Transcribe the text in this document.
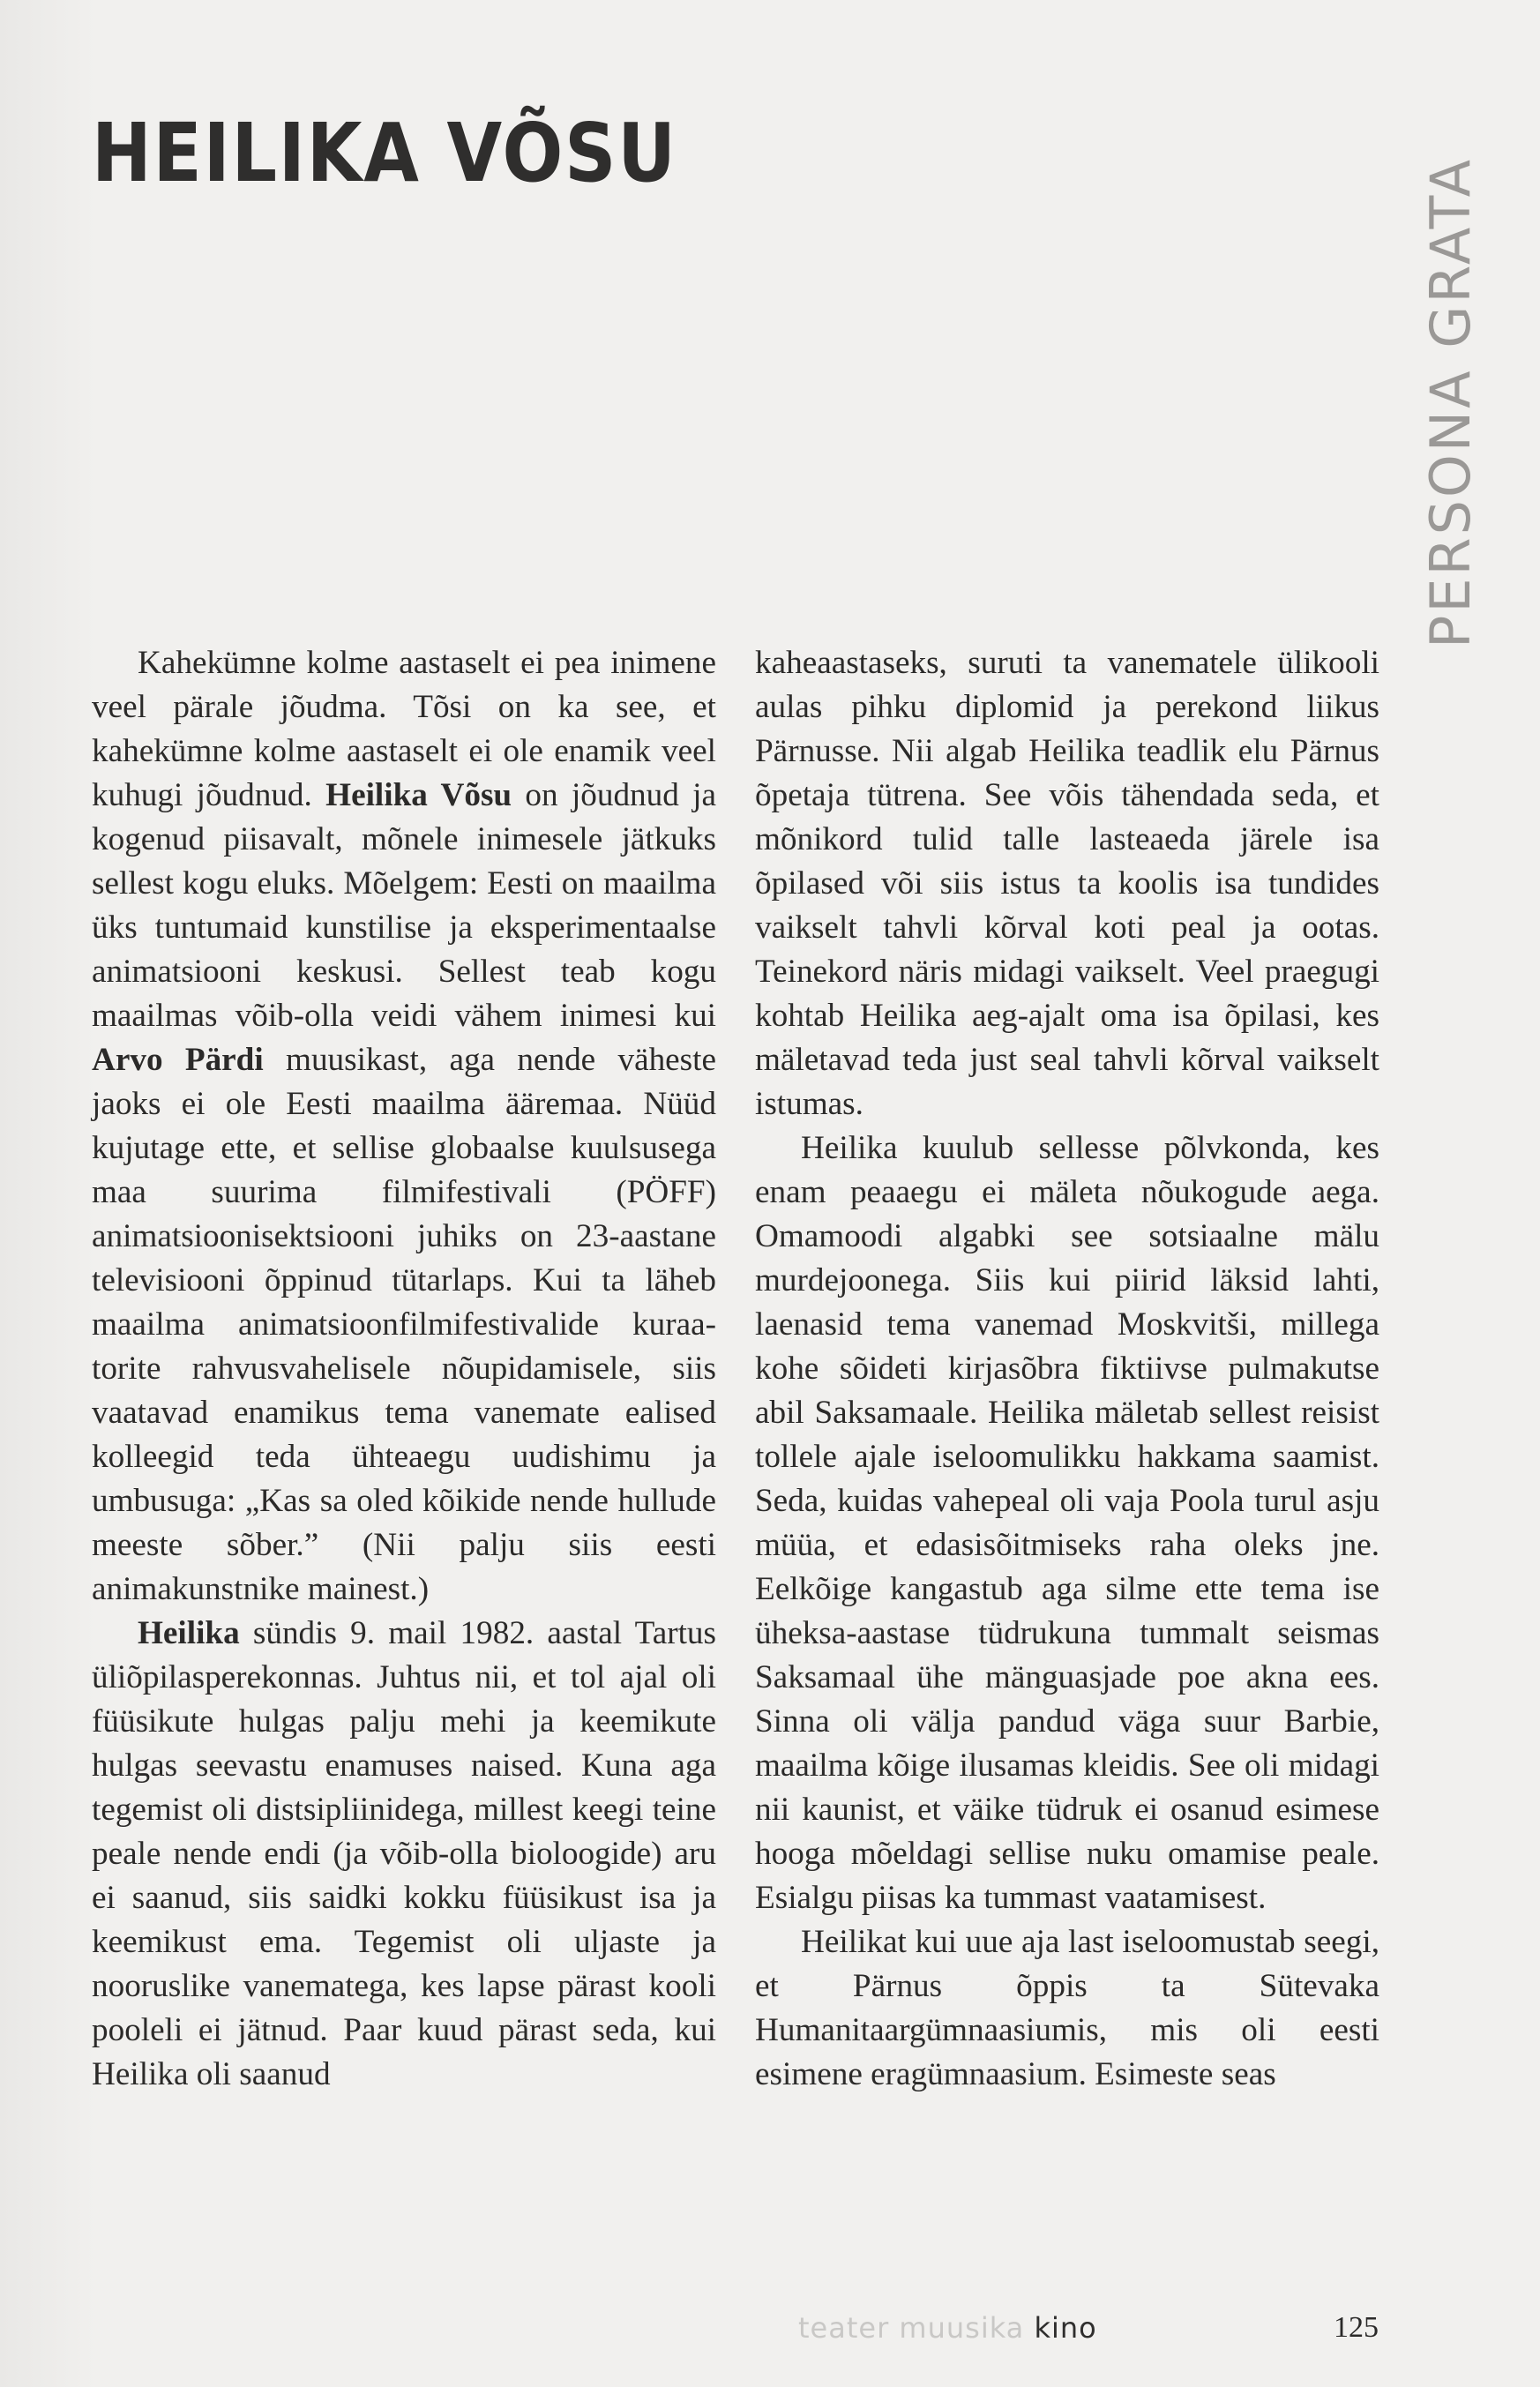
HEILIKA VÕSU
PERSONA GRATA

Kahekümne kolme aastaselt ei pea inimene veel pärale jõudma. Tõsi on ka see, et kahekümne kolme aastaselt ei ole enamik veel kuhugi jõudnud. Heilika Võsu on jõudnud ja kogenud piisavalt, mõnele inimesele jätkuks sellest kogu eluks. Mõelgem: Eesti on maailma üks tuntumaid kunstilise ja eksperimentaalse animatsiooni keskusi. Sellest teab kogu maailmas võib-olla veidi vähem inimesi kui Arvo Pärdi muusikast, aga nende väheste jaoks ei ole Eesti maailma ääremaa. Nüüd kujutage ette, et sellise globaalse kuulsusega maa suurima filmifestivali (PÖFF) animatsioonisektsiooni juhiks on 23-aastane televisiooni õppinud tütarlaps. Kui ta läheb maailma animatsioonfilmifestivalide kuraatorite rahvusvahelisele nõupidamisele, siis vaatavad enamikus tema vanemate ealised kolleegid teda ühteaegu uudishimu ja umbusuga: „Kas sa oled kõikide nende hullude meeste sõber.” (Nii palju siis eesti animakunstnike mainest.)

Heilika sündis 9. mail 1982. aastal Tartus üliõpilasperekonnas. Juhtus nii, et tol ajal oli füüsikute hulgas palju mehi ja keemikute hulgas seevastu enamuses naised. Kuna aga tegemist oli distsipliinidega, millest keegi teine peale nende endi (ja võib-olla bioloogide) aru ei saanud, siis saidki kokku füüsikust isa ja keemikust ema. Tegemist oli uljaste ja nooruslike vanematega, kes lapse pärast kooli pooleli ei jätnud. Paar kuud pärast seda, kui Heilika oli saanud

kaheaastaseks, suruti ta vanematele ülikooli aulas pihku diplomid ja perekond liikus Pärnusse. Nii algab Heilika teadlik elu Pärnus õpetaja tütrena. See võis tähendada seda, et mõnikord tulid talle lasteaeda järele isa õpilased või siis istus ta koolis isa tundides vaikselt tahvli kõrval koti peal ja ootas. Teinekord näris midagi vaikselt. Veel praegugi kohtab Heilika aeg-ajalt oma isa õpilasi, kes mäletavad teda just seal tahvli kõrval vaikselt istumas.

Heilika kuulub sellesse põlvkonda, kes enam peaaegu ei mäleta nõukogude aega. Omamoodi algabki see sotsiaalne mälu murdejoonega. Siis kui piirid läksid lahti, laenasid tema vanemad Moskvitši, millega kohe sõideti kirjasõbra fiktiivse pulmakutse abil Saksamaale. Heilika mäletab sellest reisist tollele ajale iseloomulikku hakkama saamist. Seda, kuidas vahepeal oli vaja Poola turul asju müüa, et edasisõitmiseks raha oleks jne. Eelkõige kangastub aga silme ette tema ise üheksa-aastase tüdrukuna tummalt seismas Saksamaal ühe mänguasjade poe akna ees. Sinna oli välja pandud väga suur Barbie, maailma kõige ilusamas kleidis. See oli midagi nii kaunist, et väike tüdruk ei osanud esimese hooga mõeldagi sellise nuku omamise peale. Esialgu piisas ka tummast vaatamisest.

Heilikat kui uue aja last iseloomustab seegi, et Pärnus õppis ta Sütevaka Humanitaargümnaasiumis, mis oli eesti esimene eragümnaasium. Esimeste seas

teater muusika kino	125
